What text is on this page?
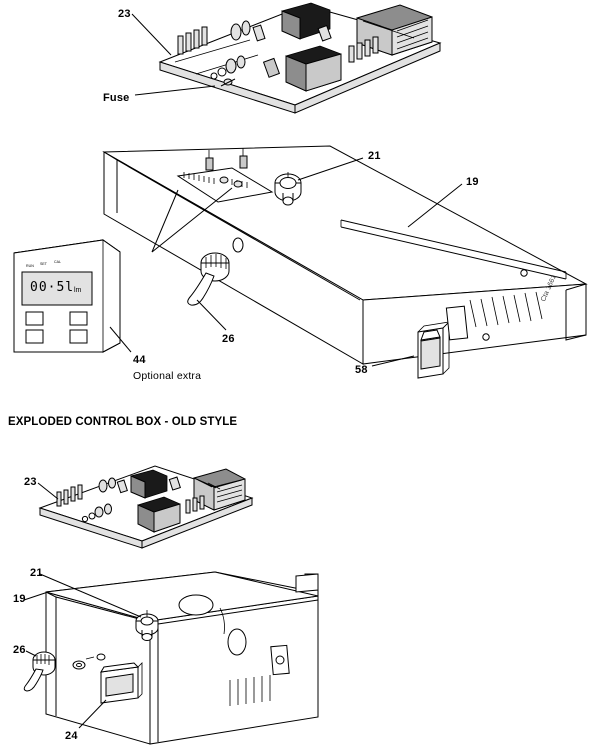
00·5l lm
RUN SET CAL
Cta 1661
23
Fuse
21
19
26
44
Optional extra	58
EXPLODED CONTROL BOX - OLD STYLE
23
21
19
26
24
